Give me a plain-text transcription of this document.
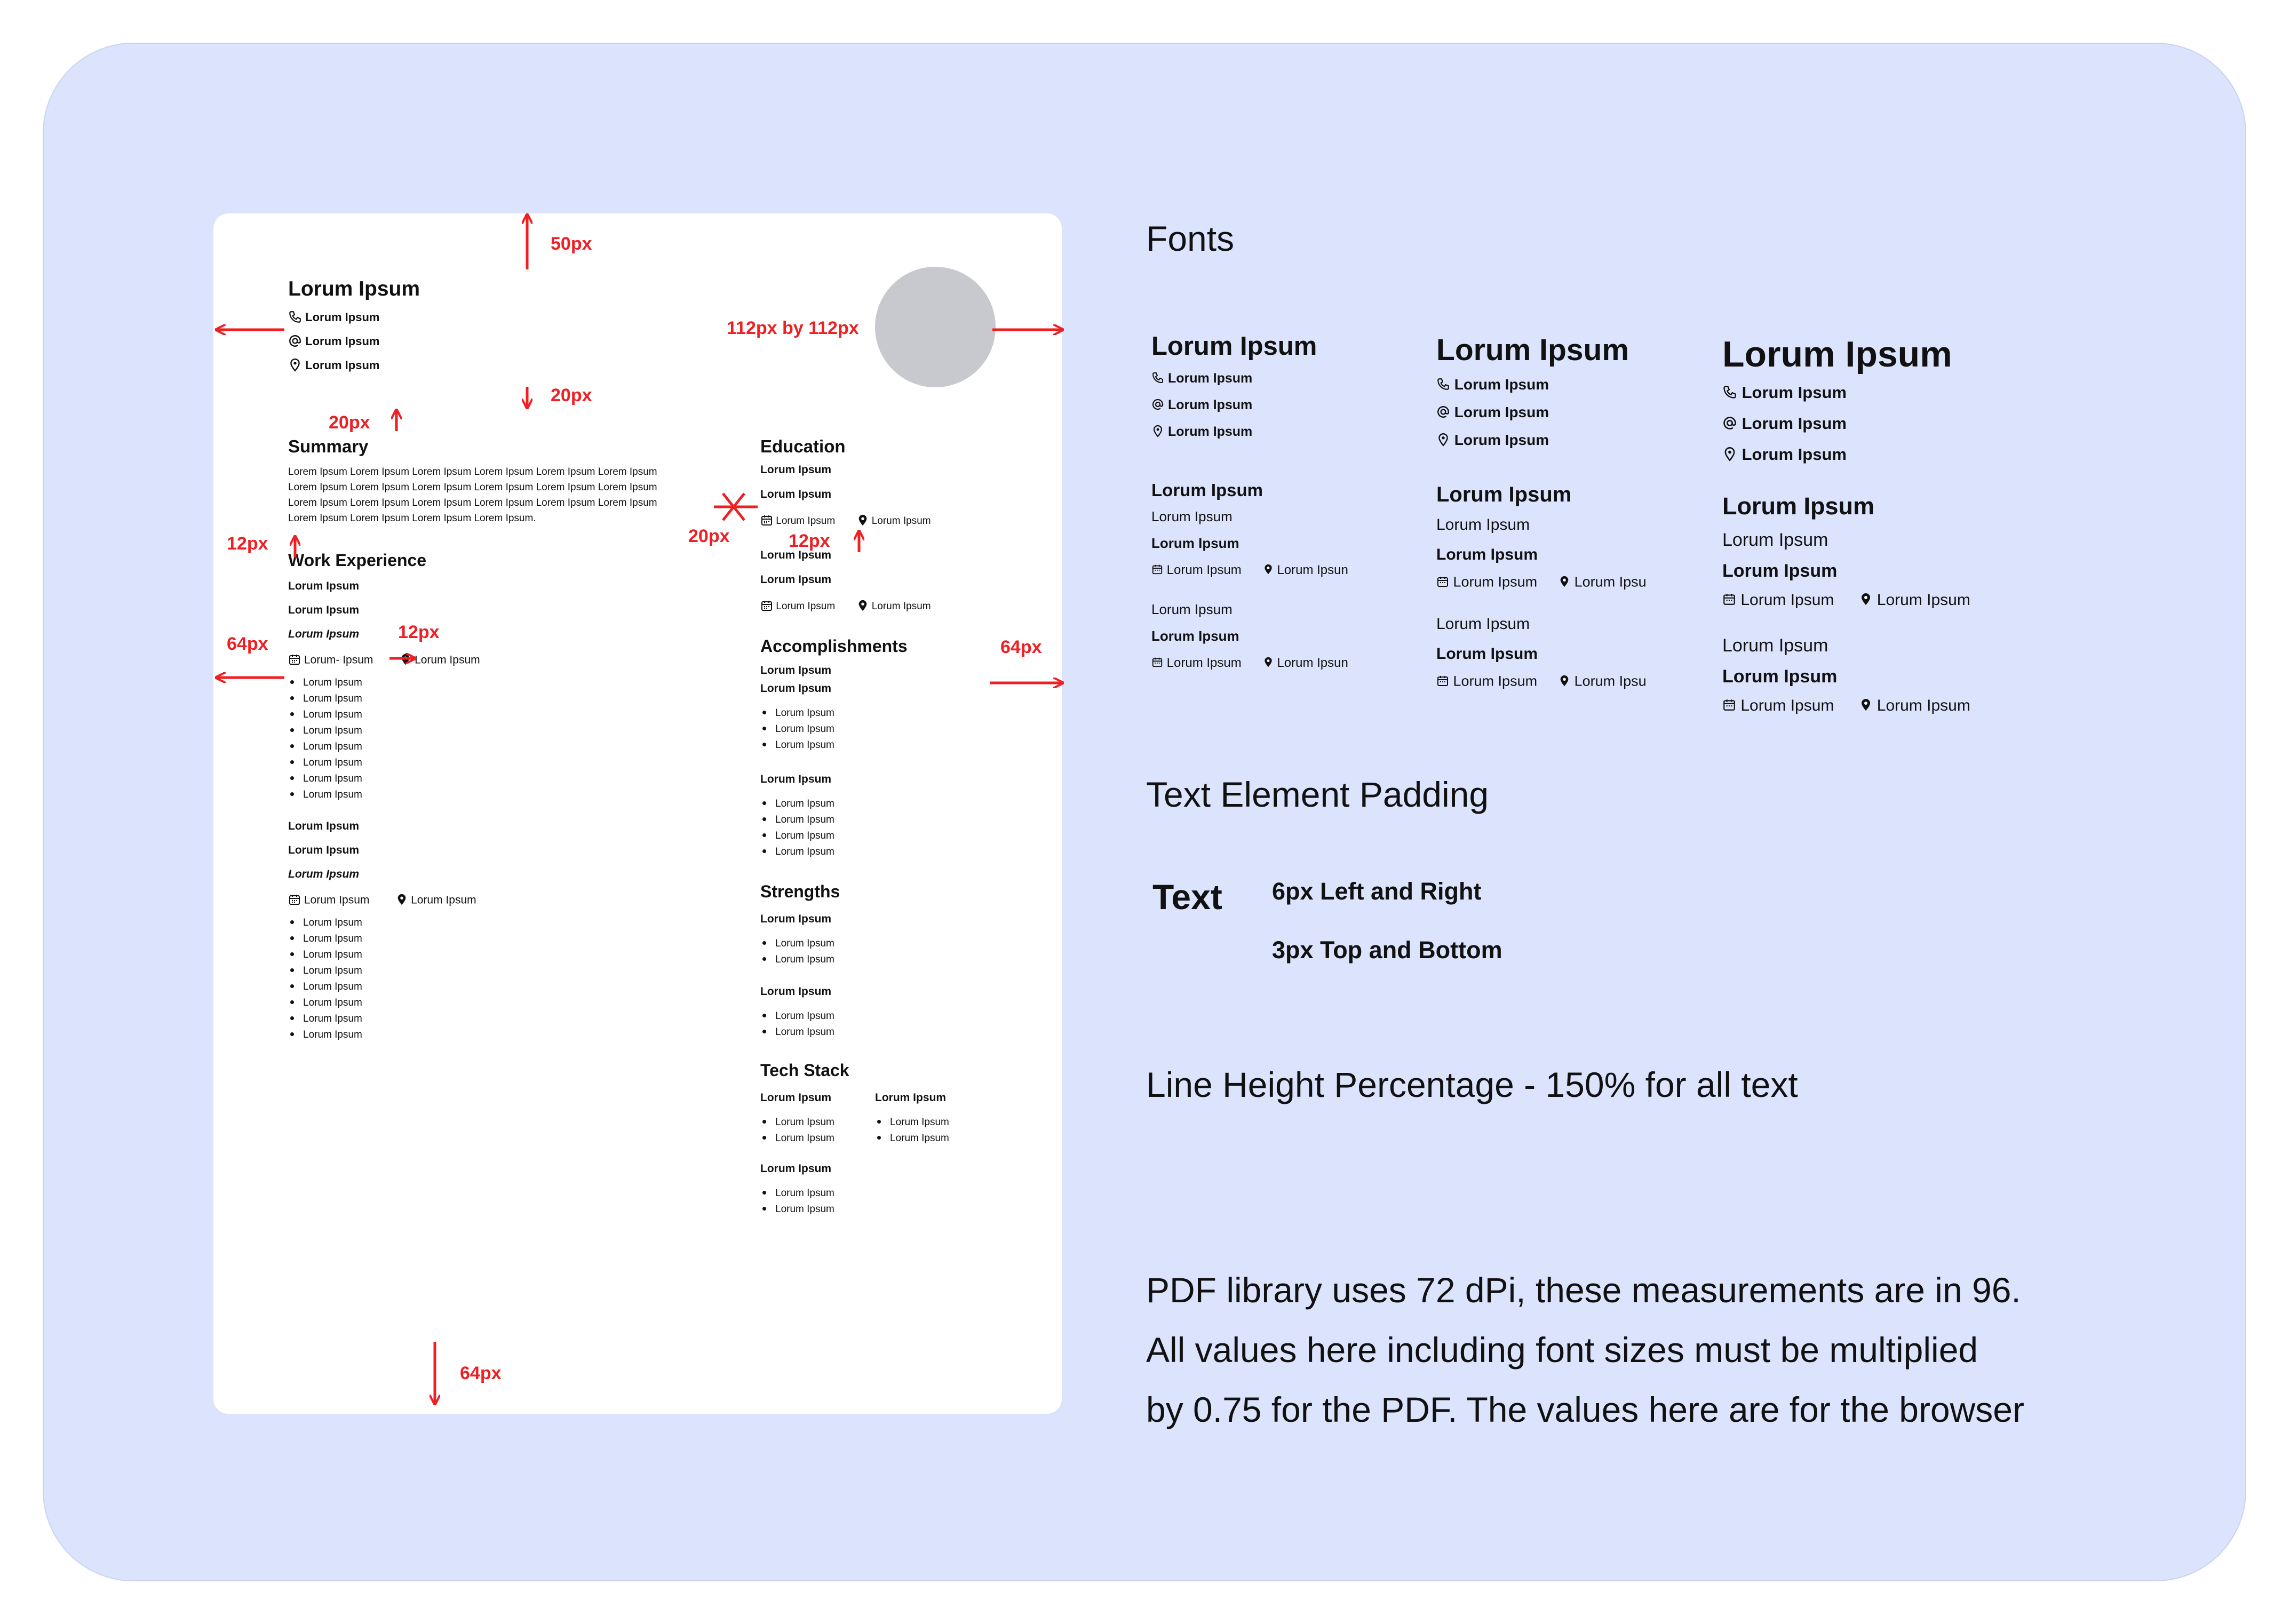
Lorum Ipsum
Lorum Ipsum
Lorum Ipsum
Lorum Ipsum
Summary
Lorem Ipsum Lorem Ipsum Lorem Ipsum Lorem Ipsum Lorem Ipsum Lorem Ipsum Lorem Ipsum Lorem Ipsum Lorem Ipsum Lorem Ipsum Lorem Ipsum Lorem Ipsum Lorem Ipsum Lorem Ipsum Lorem Ipsum Lorem Ipsum Lorem Ipsum Lorem Ipsum Lorem Ipsum Lorem Ipsum Lorem Ipsum Lorem Ipsum.
Work Experience
Lorum Ipsum
Lorum Ipsum
Lorum Ipsum
Lorum- Ipsum	Lorum Ipsum
Lorum Ipsum
Lorum Ipsum
Lorum Ipsum
Lorum Ipsum
Lorum Ipsum
Lorum Ipsum
Lorum Ipsum
Lorum Ipsum
Lorum Ipsum
Lorum Ipsum
Lorum Ipsum
Lorum Ipsum	Lorum Ipsum
Lorum Ipsum
Lorum Ipsum
Lorum Ipsum
Lorum Ipsum
Lorum Ipsum
Lorum Ipsum
Lorum Ipsum
Lorum Ipsum
Education
Lorum Ipsum
Lorum Ipsum
Lorum Ipsum	Lorum Ipsum
Lorum Ipsum
Lorum Ipsum
Lorum Ipsum	Lorum Ipsum
Accomplishments
Lorum Ipsum
Lorum Ipsum
Lorum Ipsum
Lorum Ipsum
Lorum Ipsum
Lorum Ipsum
Lorum Ipsum
Lorum Ipsum
Lorum Ipsum
Lorum Ipsum
Strengths
Lorum Ipsum
Lorum Ipsum
Lorum Ipsum
Lorum Ipsum
Lorum Ipsum
Lorum Ipsum
Tech Stack
Lorum Ipsum
Lorum Ipsum
Lorum Ipsum
Lorum Ipsum
Lorum Ipsum
Lorum Ipsum
Lorum Ipsum
Lorum Ipsum
Lorum Ipsum
50px
112px by 112px
20px
20px
20px	12px
12px
64px
12px
64px
64px
Fonts
Lorum Ipsum
Lorum Ipsum
Lorum Ipsum
Lorum Ipsum
Lorum Ipsum
Lorum Ipsum
Lorum Ipsum
Lorum Ipsum	Lorum Ipsun
Lorum Ipsum
Lorum Ipsum
Lorum Ipsum	Lorum Ipsun
Lorum Ipsum
Lorum Ipsum
Lorum Ipsum
Lorum Ipsum
Lorum Ipsum
Lorum Ipsum
Lorum Ipsum
Lorum Ipsum	Lorum Ipsu
Lorum Ipsum
Lorum Ipsum
Lorum Ipsum	Lorum Ipsu
Lorum Ipsum
Lorum Ipsum
Lorum Ipsum
Lorum Ipsum
Lorum Ipsum
Lorum Ipsum
Lorum Ipsum
Lorum Ipsum	Lorum Ipsum
Lorum Ipsum
Lorum Ipsum
Lorum Ipsum	Lorum Ipsum
Text Element Padding
Text 6px Left and Right
3px Top and Bottom
Line Height Percentage - 150% for all text
PDF library uses 72 dPi, these measurements are in 96.
All values here including font sizes must be multiplied
by 0.75 for the PDF. The values here are for the browser
